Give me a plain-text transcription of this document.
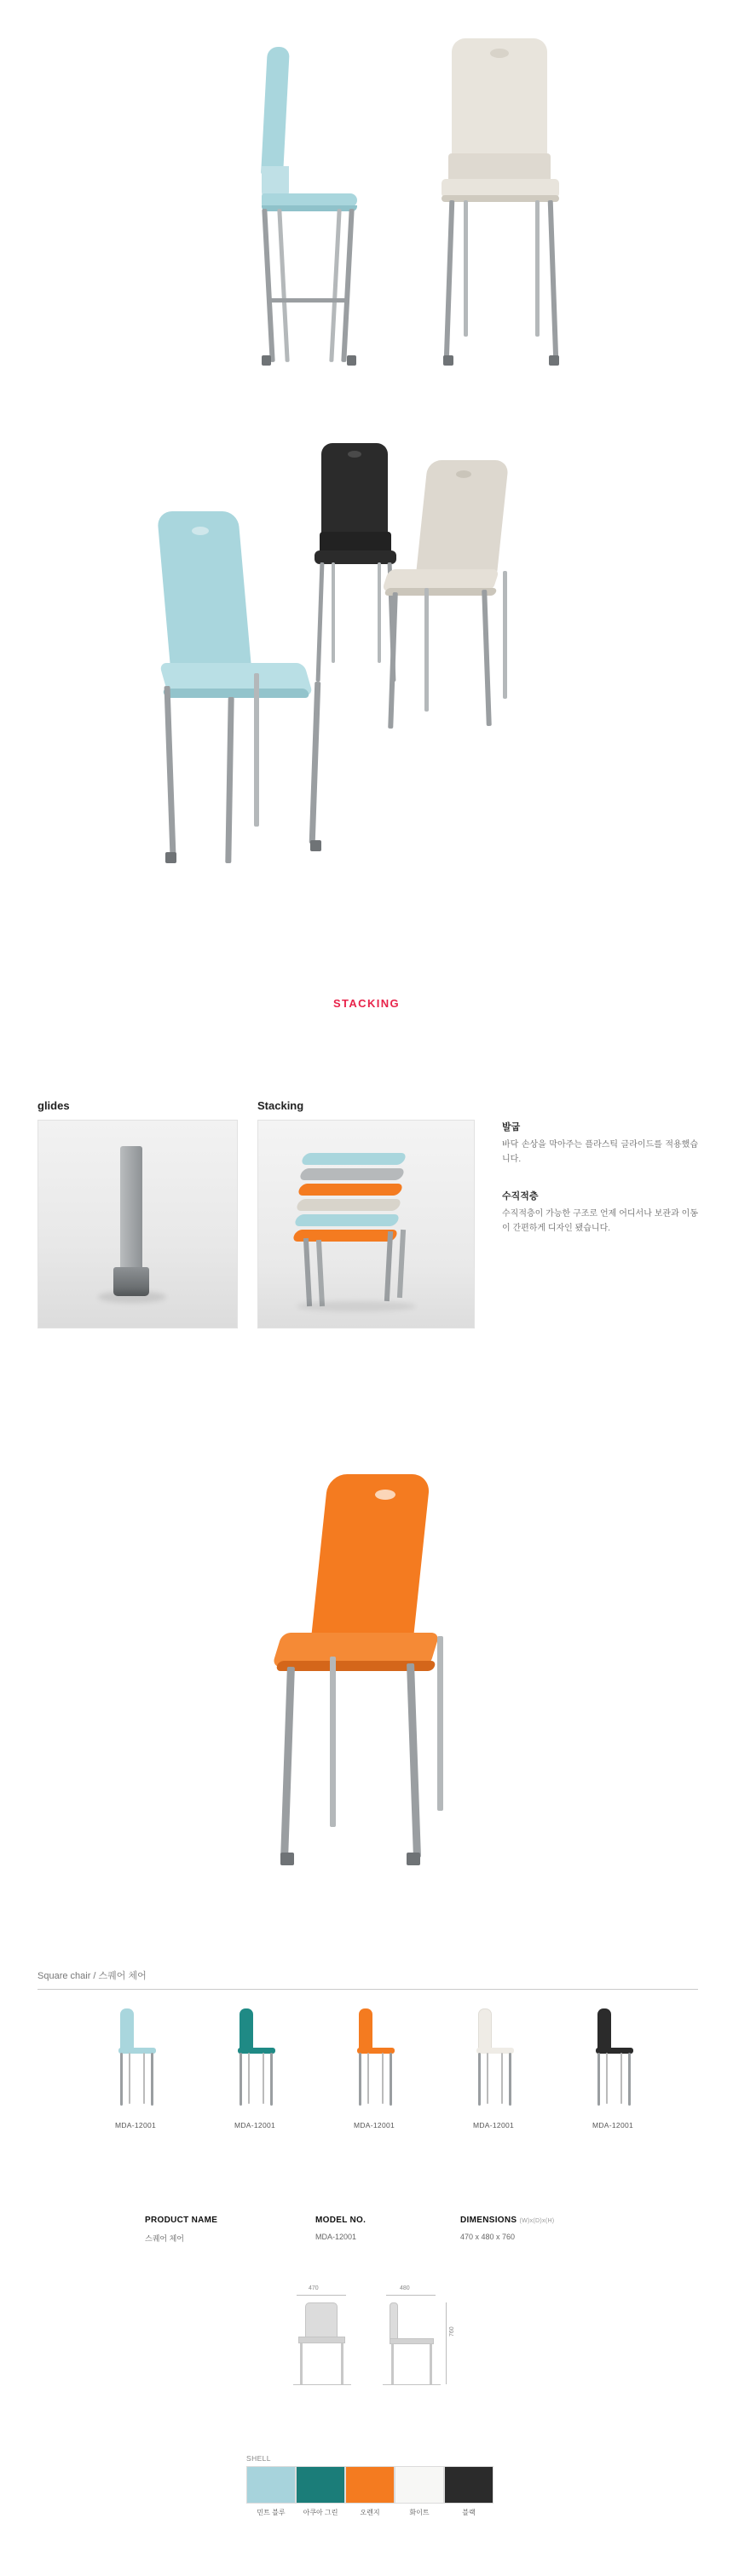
STACKING
glides	Stacking
발굽

바닥 손상을 막아주는 플라스틱 글라이드를 적용했습니다.

수직적층

수직적층이 가능한 구조로 언제 어디서나 보관과 이동이 간편하게 디자인 됐습니다.

Square chair / 스퀘어 체어
MDA-12001	MDA-12001	MDA-12001	MDA-12001	MDA-12001
PRODUCT NAME	MODEL NO.	DIMENSIONS (W)x(D)x(H)
스퀘어 체어	MDA-12001	470 x 480 x 760
470	480
760
SHELL
민트 블루	아쿠아 그린	오렌지	화이트	블랙
